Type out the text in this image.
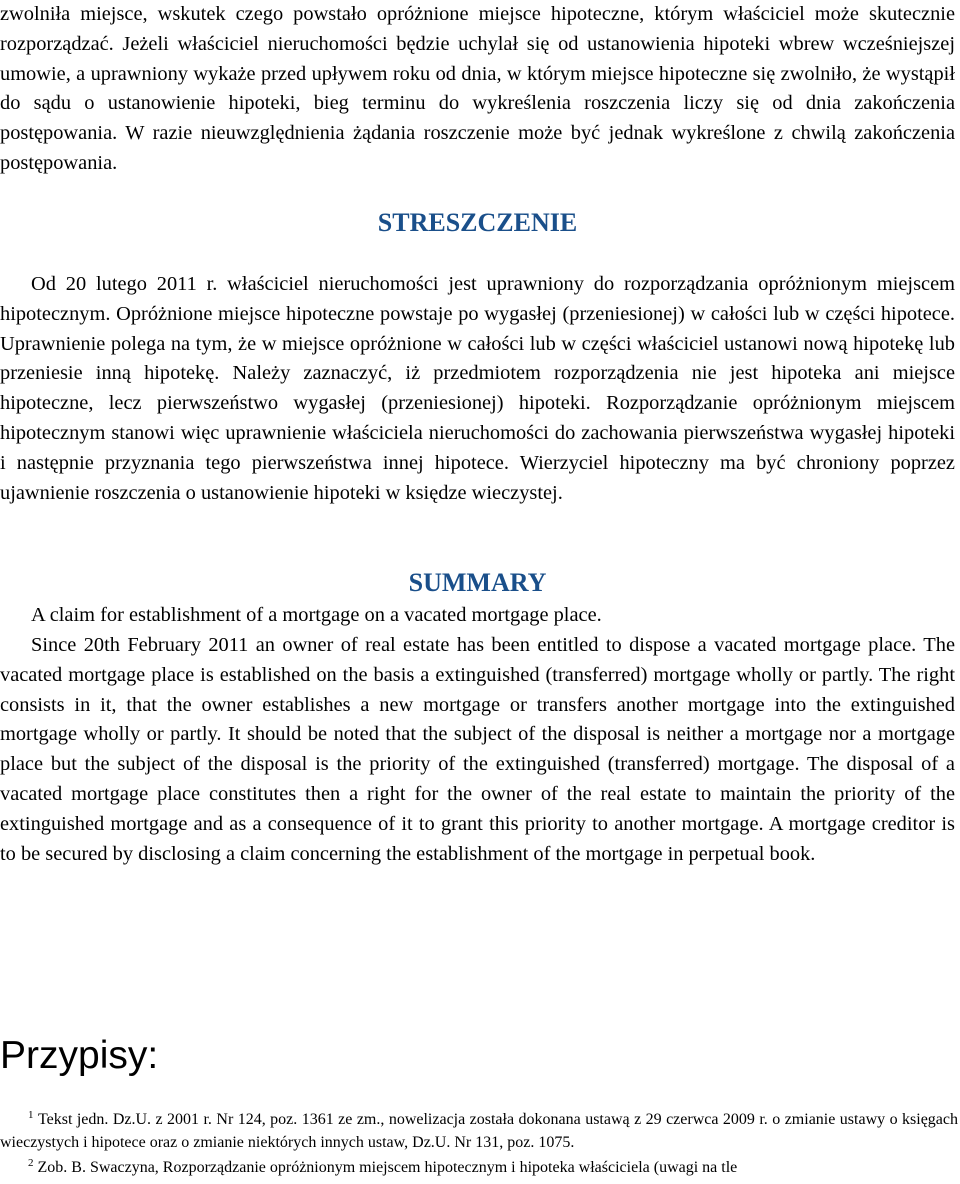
zwolniła miejsce, wskutek czego powstało opróżnione miejsce hipoteczne, którym właściciel może skutecznie rozporządzać. Jeżeli właściciel nieruchomości będzie uchylał się od ustanowienia hipoteki wbrew wcześniejszej umowie, a uprawniony wykaże przed upływem roku od dnia, w którym miejsce hipoteczne się zwolniło, że wystąpił do sądu o ustanowienie hipoteki, bieg terminu do wykreślenia roszczenia liczy się od dnia zakończenia postępowania. W razie nieuwzględnienia żądania roszczenie może być jednak wykreślone z chwilą zakończenia postępowania.

STRESZCZENIE

Od 20 lutego 2011 r. właściciel nieruchomości jest uprawniony do rozporządzania opróżnionym miejscem hipotecznym. Opróżnione miejsce hipoteczne powstaje po wygasłej (przeniesionej) w całości lub w części hipotece. Uprawnienie polega na tym, że w miejsce opróżnione w całości lub w części właściciel ustanowi nową hipotekę lub przeniesie inną hipotekę. Należy zaznaczyć, iż przedmiotem rozporządzenia nie jest hipoteka ani miejsce hipoteczne, lecz pierwszeństwo wygasłej (przeniesionej) hipoteki. Rozporządzanie opróżnionym miejscem hipotecznym stanowi więc uprawnienie właściciela nieruchomości do zachowania pierwszeństwa wygasłej hipoteki i następnie przyznania tego pierwszeństwa innej hipotece. Wierzyciel hipoteczny ma być chroniony poprzez ujawnienie roszczenia o ustanowienie hipoteki w księdze wieczystej.

SUMMARY

A claim for establishment of a mortgage on a vacated mortgage place.

Since 20th February 2011 an owner of real estate has been entitled to dispose a vacated mortgage place. The vacated mortgage place is established on the basis a extinguished (transferred) mortgage wholly or partly. The right consists in it, that the owner establishes a new mortgage or transfers another mortgage into the extinguished mortgage wholly or partly. It should be noted that the subject of the disposal is neither a mortgage nor a mortgage place but the subject of the disposal is the priority of the extinguished (transferred) mortgage. The disposal of a vacated mortgage place constitutes then a right for the owner of the real estate to maintain the priority of the extinguished mortgage and as a consequence of it to grant this priority to another mortgage. A mortgage creditor is to be secured by disclosing a claim concerning the establishment of the mortgage in perpetual book.

Przypisy:

$^1$ Tekst jedn. Dz.U. z 2001 r. Nr 124, poz. 1361 ze zm., nowelizacja została dokonana ustawą z 29 czerwca 2009 r. o zmianie ustawy o księgach wieczystych i hipotece oraz o zmianie niektórych innych ustaw, Dz.U. Nr 131, poz. 1075.

$^2$ Zob. B. Swaczyna, Rozporządzanie opróżnionym miejscem hipotecznym i hipoteka właściciela (uwagi na tle
